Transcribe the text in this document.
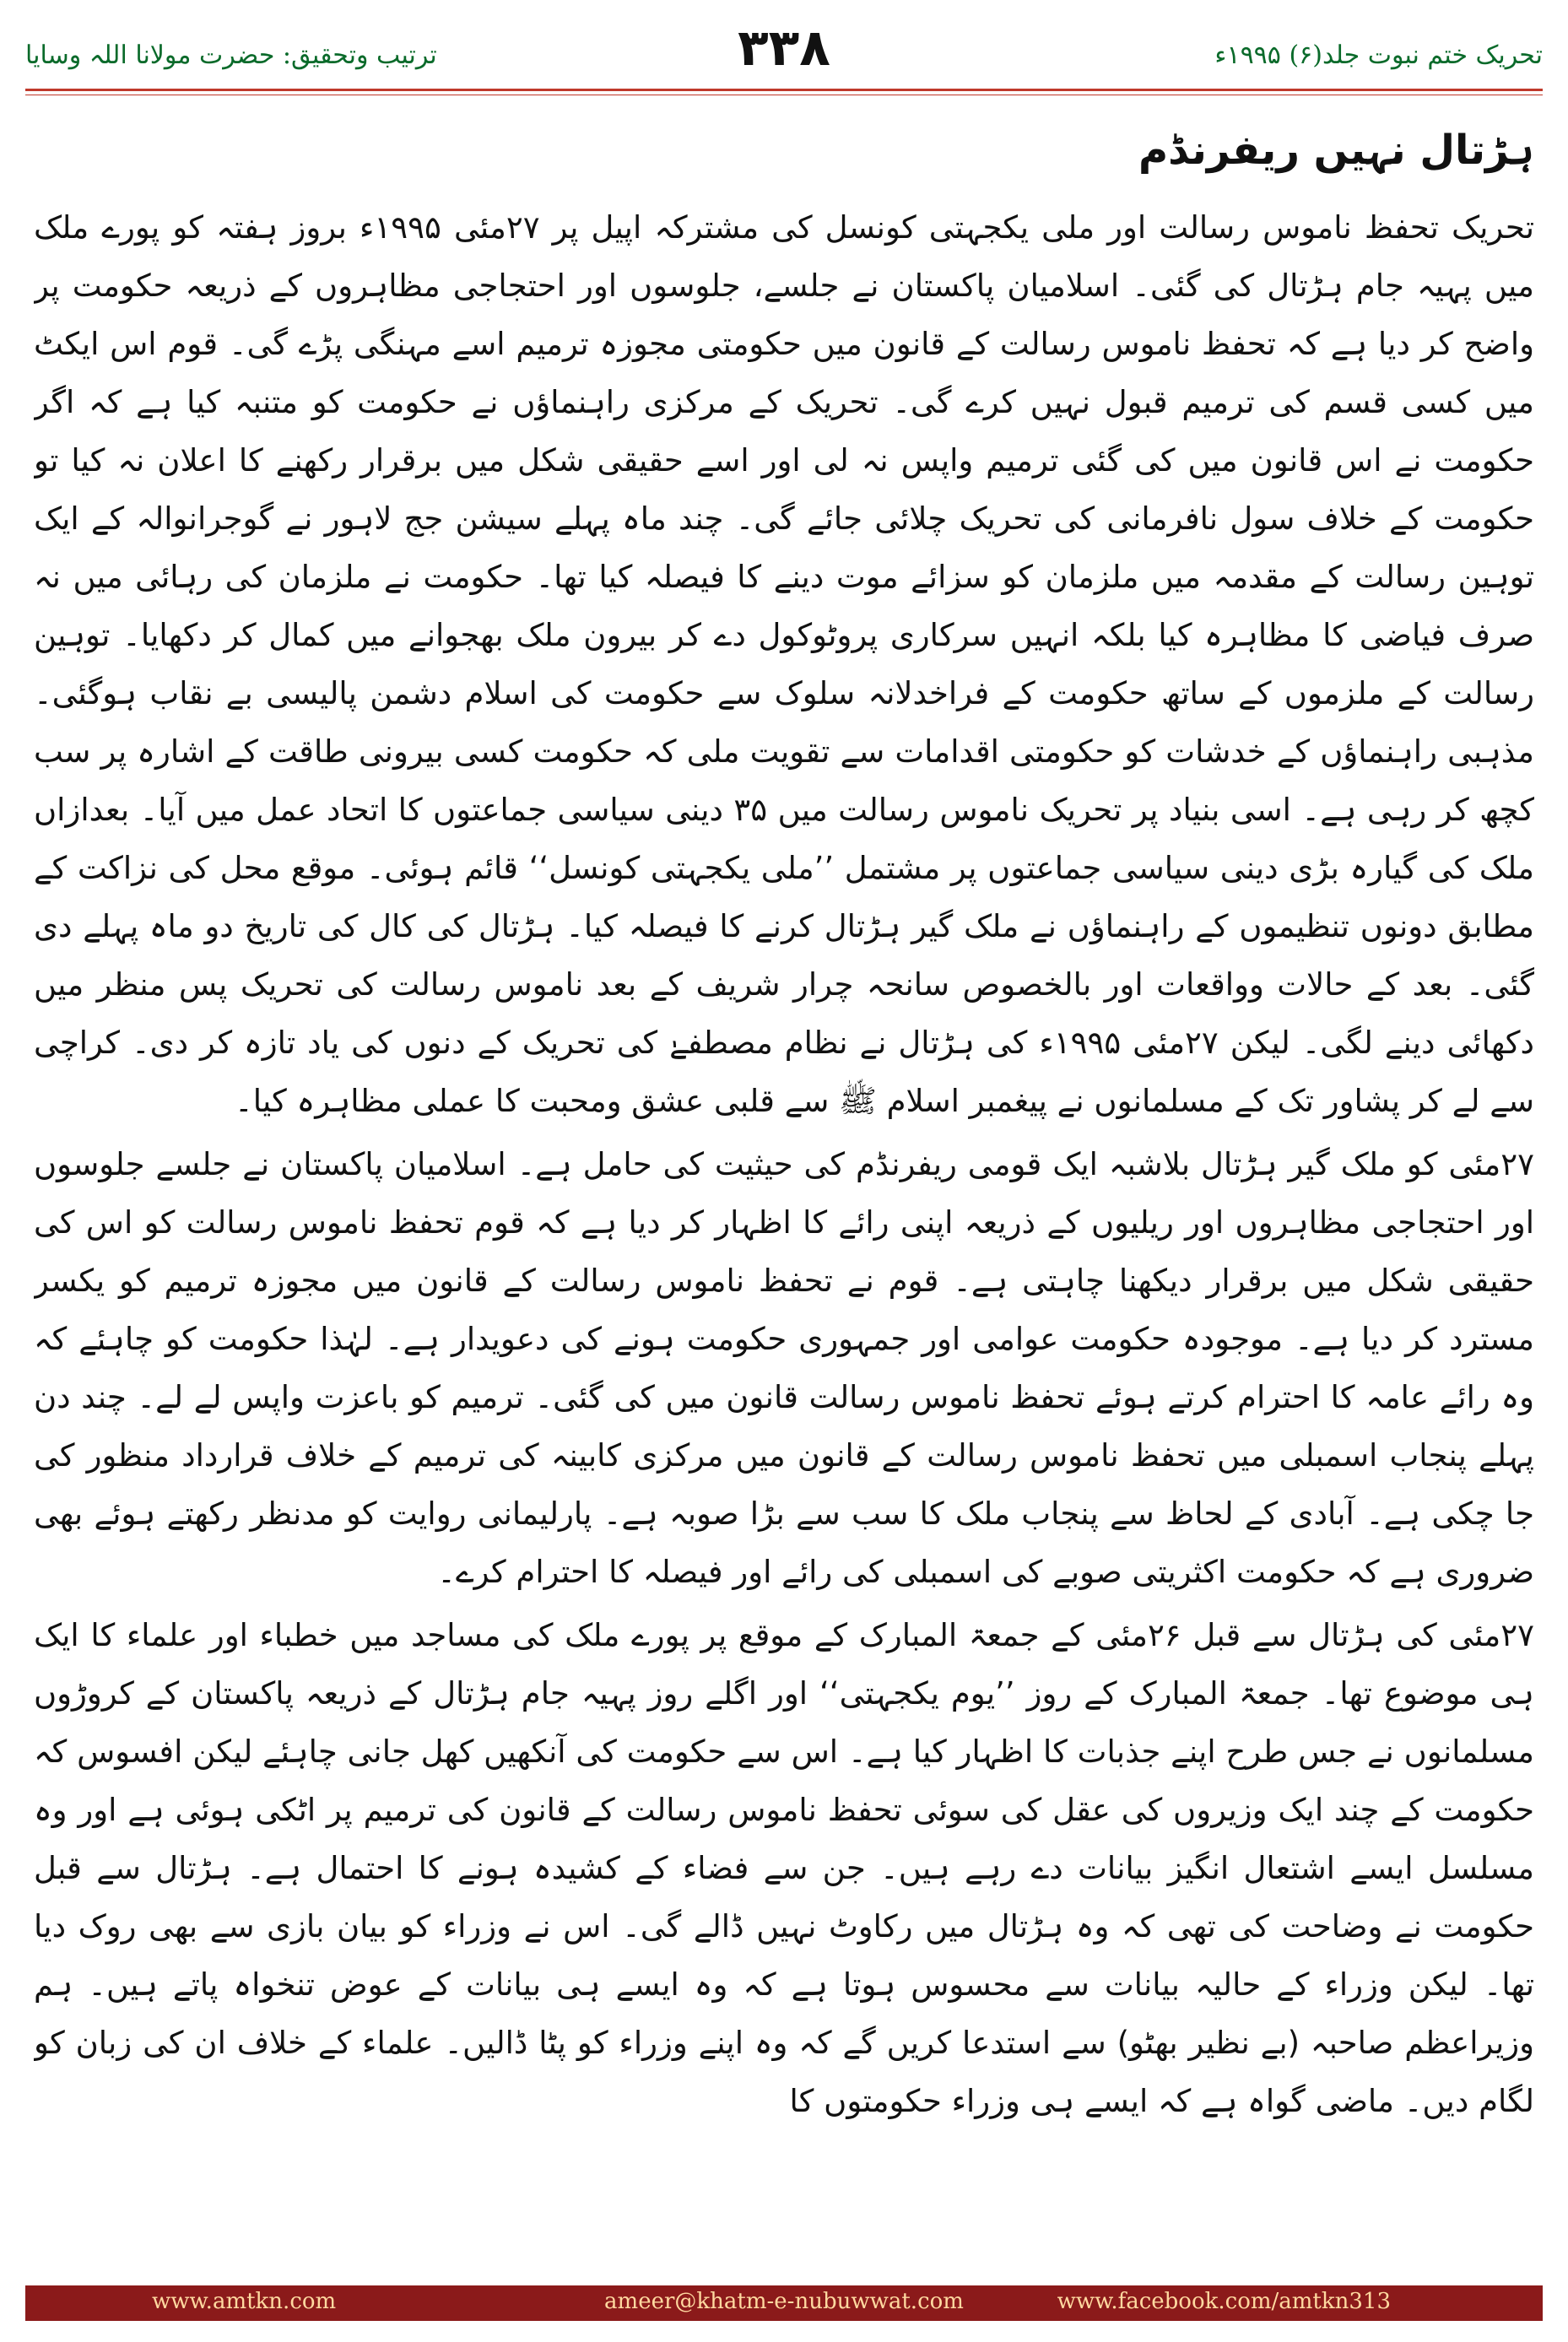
ترتیب وتحقیق: حضرت مولانا اللہ وسایا	۳۳۸	تحریک ختم نبوت جلد(۶) ۱۹۹۵ء
ہڑتال نہیں ریفرنڈم

تحریک تحفظ ناموس رسالت اور ملی یکجہتی کونسل کی مشترکہ اپیل پر ۲۷مئی ۱۹۹۵ء بروز ہفتہ کو پورے ملک میں پہیہ جام ہڑتال کی گئی۔ اسلامیان پاکستان نے جلسے، جلوسوں اور احتجاجی مظاہروں کے ذریعہ حکومت پر واضح کر دیا ہے کہ تحفظ ناموس رسالت کے قانون میں حکومتی مجوزہ ترمیم اسے مہنگی پڑے گی۔ قوم اس ایکٹ میں کسی قسم کی ترمیم قبول نہیں کرے گی۔ تحریک کے مرکزی راہنماؤں نے حکومت کو متنبہ کیا ہے کہ اگر حکومت نے اس قانون میں کی گئی ترمیم واپس نہ لی اور اسے حقیقی شکل میں برقرار رکھنے کا اعلان نہ کیا تو حکومت کے خلاف سول نافرمانی کی تحریک چلائی جائے گی۔ چند ماہ پہلے سیشن جج لاہور نے گوجرانوالہ کے ایک توہین رسالت کے مقدمہ میں ملزمان کو سزائے موت دینے کا فیصلہ کیا تھا۔ حکومت نے ملزمان کی رہائی میں نہ صرف فیاضی کا مظاہرہ کیا بلکہ انہیں سرکاری پروٹوکول دے کر بیرون ملک بھجوانے میں کمال کر دکھایا۔ توہین رسالت کے ملزموں کے ساتھ حکومت کے فراخدلانہ سلوک سے حکومت کی اسلام دشمن پالیسی بے نقاب ہوگئی۔ مذہبی راہنماؤں کے خدشات کو حکومتی اقدامات سے تقویت ملی کہ حکومت کسی بیرونی طاقت کے اشارہ پر سب کچھ کر رہی ہے۔ اسی بنیاد پر تحریک ناموس رسالت میں ۳۵ دینی سیاسی جماعتوں کا اتحاد عمل میں آیا۔ بعدازاں ملک کی گیارہ بڑی دینی سیاسی جماعتوں پر مشتمل ’’ملی یکجہتی کونسل‘‘ قائم ہوئی۔ موقع محل کی نزاکت کے مطابق دونوں تنظیموں کے راہنماؤں نے ملک گیر ہڑتال کرنے کا فیصلہ کیا۔ ہڑتال کی کال کی تاریخ دو ماہ پہلے دی گئی۔ بعد کے حالات وواقعات اور بالخصوص سانحہ چرار شریف کے بعد ناموس رسالت کی تحریک پس منظر میں دکھائی دینے لگی۔ لیکن ۲۷مئی ۱۹۹۵ء کی ہڑتال نے نظام مصطفےٰ کی تحریک کے دنوں کی یاد تازہ کر دی۔ کراچی سے لے کر پشاور تک کے مسلمانوں نے پیغمبر اسلام ﷺ سے قلبی عشق ومحبت کا عملی مظاہرہ کیا۔

۲۷مئی کو ملک گیر ہڑتال بلاشبہ ایک قومی ریفرنڈم کی حیثیت کی حامل ہے۔ اسلامیان پاکستان نے جلسے جلوسوں اور احتجاجی مظاہروں اور ریلیوں کے ذریعہ اپنی رائے کا اظہار کر دیا ہے کہ قوم تحفظ ناموس رسالت کو اس کی حقیقی شکل میں برقرار دیکھنا چاہتی ہے۔ قوم نے تحفظ ناموس رسالت کے قانون میں مجوزہ ترمیم کو یکسر مسترد کر دیا ہے۔ موجودہ حکومت عوامی اور جمہوری حکومت ہونے کی دعویدار ہے۔ لہٰذا حکومت کو چاہئے کہ وہ رائے عامہ کا احترام کرتے ہوئے تحفظ ناموس رسالت قانون میں کی گئی۔ ترمیم کو باعزت واپس لے لے۔ چند دن پہلے پنجاب اسمبلی میں تحفظ ناموس رسالت کے قانون میں مرکزی کابینہ کی ترمیم کے خلاف قرارداد منظور کی جا چکی ہے۔ آبادی کے لحاظ سے پنجاب ملک کا سب سے بڑا صوبہ ہے۔ پارلیمانی روایت کو مدنظر رکھتے ہوئے بھی ضروری ہے کہ حکومت اکثریتی صوبے کی اسمبلی کی رائے اور فیصلہ کا احترام کرے۔

۲۷مئی کی ہڑتال سے قبل ۲۶مئی کے جمعۃ المبارک کے موقع پر پورے ملک کی مساجد میں خطباء اور علماء کا ایک ہی موضوع تھا۔ جمعۃ المبارک کے روز ’’یوم یکجہتی‘‘ اور اگلے روز پہیہ جام ہڑتال کے ذریعہ پاکستان کے کروڑوں مسلمانوں نے جس طرح اپنے جذبات کا اظہار کیا ہے۔ اس سے حکومت کی آنکھیں کھل جانی چاہئے لیکن افسوس کہ حکومت کے چند ایک وزیروں کی عقل کی سوئی تحفظ ناموس رسالت کے قانون کی ترمیم پر اٹکی ہوئی ہے اور وہ مسلسل ایسے اشتعال انگیز بیانات دے رہے ہیں۔ جن سے فضاء کے کشیدہ ہونے کا احتمال ہے۔ ہڑتال سے قبل حکومت نے وضاحت کی تھی کہ وہ ہڑتال میں رکاوٹ نہیں ڈالے گی۔ اس نے وزراء کو بیان بازی سے بھی روک دیا تھا۔ لیکن وزراء کے حالیہ بیانات سے محسوس ہوتا ہے کہ وہ ایسے ہی بیانات کے عوض تنخواہ پاتے ہیں۔ ہم وزیراعظم صاحبہ (بے نظیر بھٹو) سے استدعا کریں گے کہ وہ اپنے وزراء کو پٹا ڈالیں۔ علماء کے خلاف ان کی زبان کو لگام دیں۔ ماضی گواہ ہے کہ ایسے ہی وزراء حکومتوں کا

www.amtkn.com	ameer@khatm-e-nubuwwat.com	www.facebook.com/amtkn313
